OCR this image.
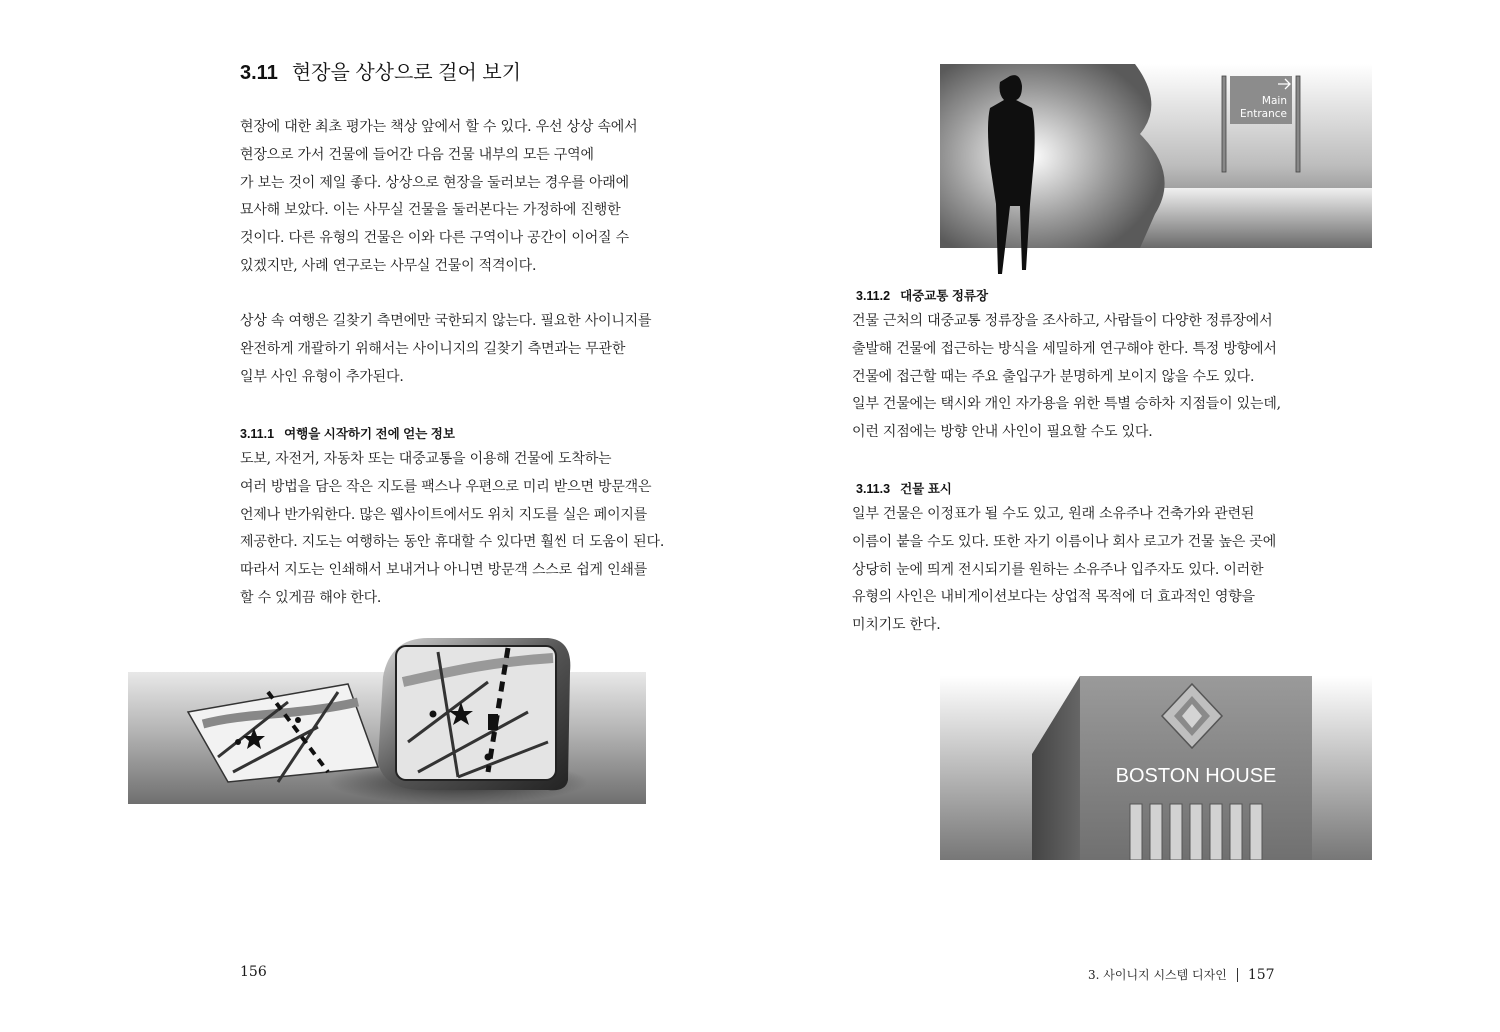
3.11 현장을 상상으로 걸어 보기

현장에 대한 최초 평가는 책상 앞에서 할 수 있다. 우선 상상 속에서
현장으로 가서 건물에 들어간 다음 건물 내부의 모든 구역에
가 보는 것이 제일 좋다. 상상으로 현장을 둘러보는 경우를 아래에
묘사해 보았다. 이는 사무실 건물을 둘러본다는 가정하에 진행한
것이다. 다른 유형의 건물은 이와 다른 구역이나 공간이 이어질 수
있겠지만, 사례 연구로는 사무실 건물이 적격이다.

상상 속 여행은 길찾기 측면에만 국한되지 않는다. 필요한 사이니지를
완전하게 개괄하기 위해서는 사이니지의 길찾기 측면과는 무관한
일부 사인 유형이 추가된다.

3.11.1 여행을 시작하기 전에 얻는 정보

도보, 자전거, 자동차 또는 대중교통을 이용해 건물에 도착하는
여러 방법을 담은 작은 지도를 팩스나 우편으로 미리 받으면 방문객은
언제나 반가워한다. 많은 웹사이트에서도 위치 지도를 실은 페이지를
제공한다. 지도는 여행하는 동안 휴대할 수 있다면 훨씬 더 도움이 된다.
따라서 지도는 인쇄해서 보내거나 아니면 방문객 스스로 쉽게 인쇄를
할 수 있게끔 해야 한다.

156
Main
Entrance
3.11.2 대중교통 정류장

건물 근처의 대중교통 정류장을 조사하고, 사람들이 다양한 정류장에서
출발해 건물에 접근하는 방식을 세밀하게 연구해야 한다. 특정 방향에서
건물에 접근할 때는 주요 출입구가 분명하게 보이지 않을 수도 있다.
일부 건물에는 택시와 개인 자가용을 위한 특별 승하차 지점들이 있는데,
이런 지점에는 방향 안내 사인이 필요할 수도 있다.

3.11.3 건물 표시

일부 건물은 이정표가 될 수도 있고, 원래 소유주나 건축가와 관련된
이름이 붙을 수도 있다. 또한 자기 이름이나 회사 로고가 건물 높은 곳에
상당히 눈에 띄게 전시되기를 원하는 소유주나 입주자도 있다. 이러한
유형의 사인은 내비게이션보다는 상업적 목적에 더 효과적인 영향을
미치기도 한다.

BOSTON HOUSE
3. 사이니지 시스템 디자인 157
